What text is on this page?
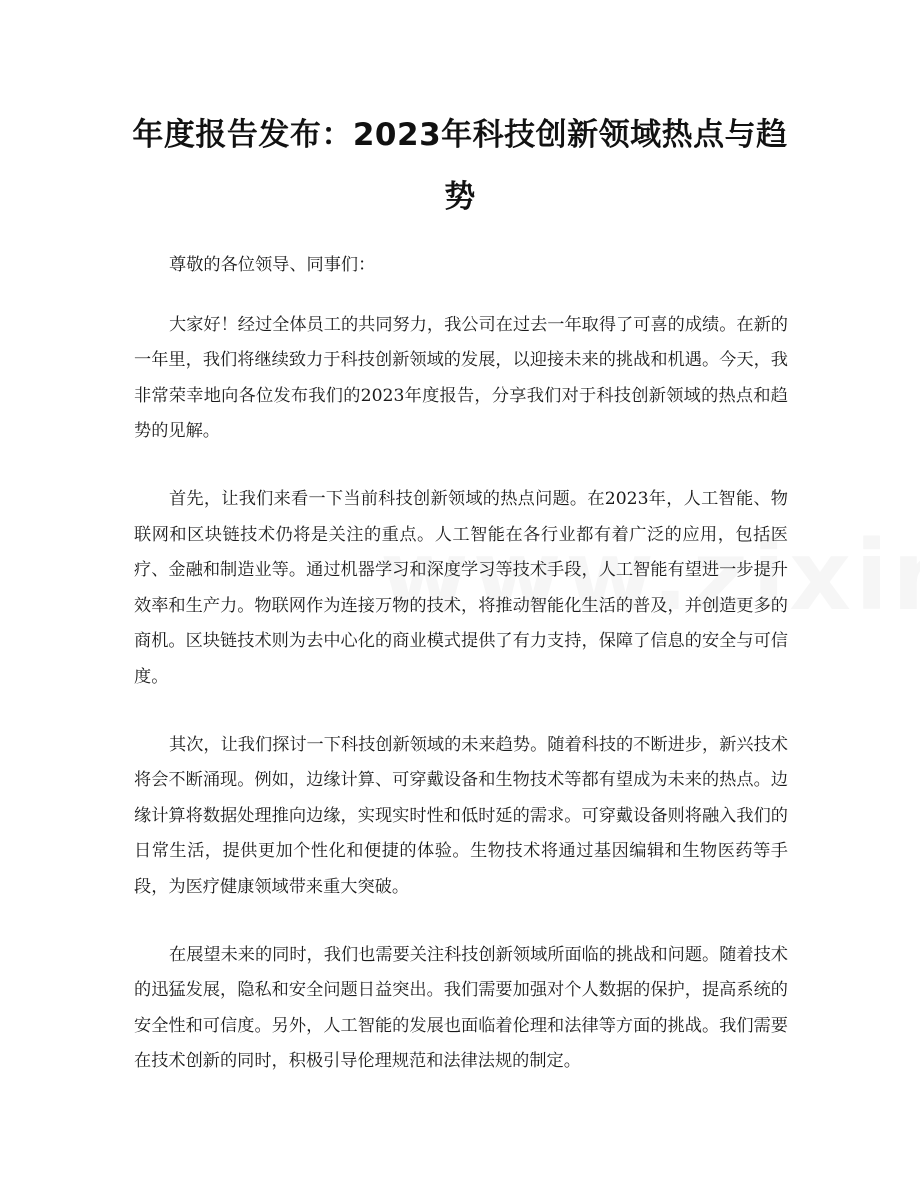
年度报告发布：2023年科技创新领域热点与趋势

尊敬的各位领导、同事们：

大家好！经过全体员工的共同努力，我公司在过去一年取得了可喜的成绩。在新的一年里，我们将继续致力于科技创新领域的发展，以迎接未来的挑战和机遇。今天，我非常荣幸地向各位发布我们的2023年度报告，分享我们对于科技创新领域的热点和趋势的见解。

首先，让我们来看一下当前科技创新领域的热点问题。在2023年，人工智能、物联网和区块链技术仍将是关注的重点。人工智能在各行业都有着广泛的应用，包括医疗、金融和制造业等。通过机器学习和深度学习等技术手段，人工智能有望进一步提升效率和生产力。物联网作为连接万物的技术，将推动智能化生活的普及，并创造更多的商机。区块链技术则为去中心化的商业模式提供了有力支持，保障了信息的安全与可信度。

其次，让我们探讨一下科技创新领域的未来趋势。随着科技的不断进步，新兴技术将会不断涌现。例如，边缘计算、可穿戴设备和生物技术等都有望成为未来的热点。边缘计算将数据处理推向边缘，实现实时性和低时延的需求。可穿戴设备则将融入我们的日常生活，提供更加个性化和便捷的体验。生物技术将通过基因编辑和生物医药等手段，为医疗健康领域带来重大突破。

在展望未来的同时，我们也需要关注科技创新领域所面临的挑战和问题。随着技术的迅猛发展，隐私和安全问题日益突出。我们需要加强对个人数据的保护，提高系统的安全性和可信度。另外，人工智能的发展也面临着伦理和法律等方面的挑战。我们需要在技术创新的同时，积极引导伦理规范和法律法规的制定。
